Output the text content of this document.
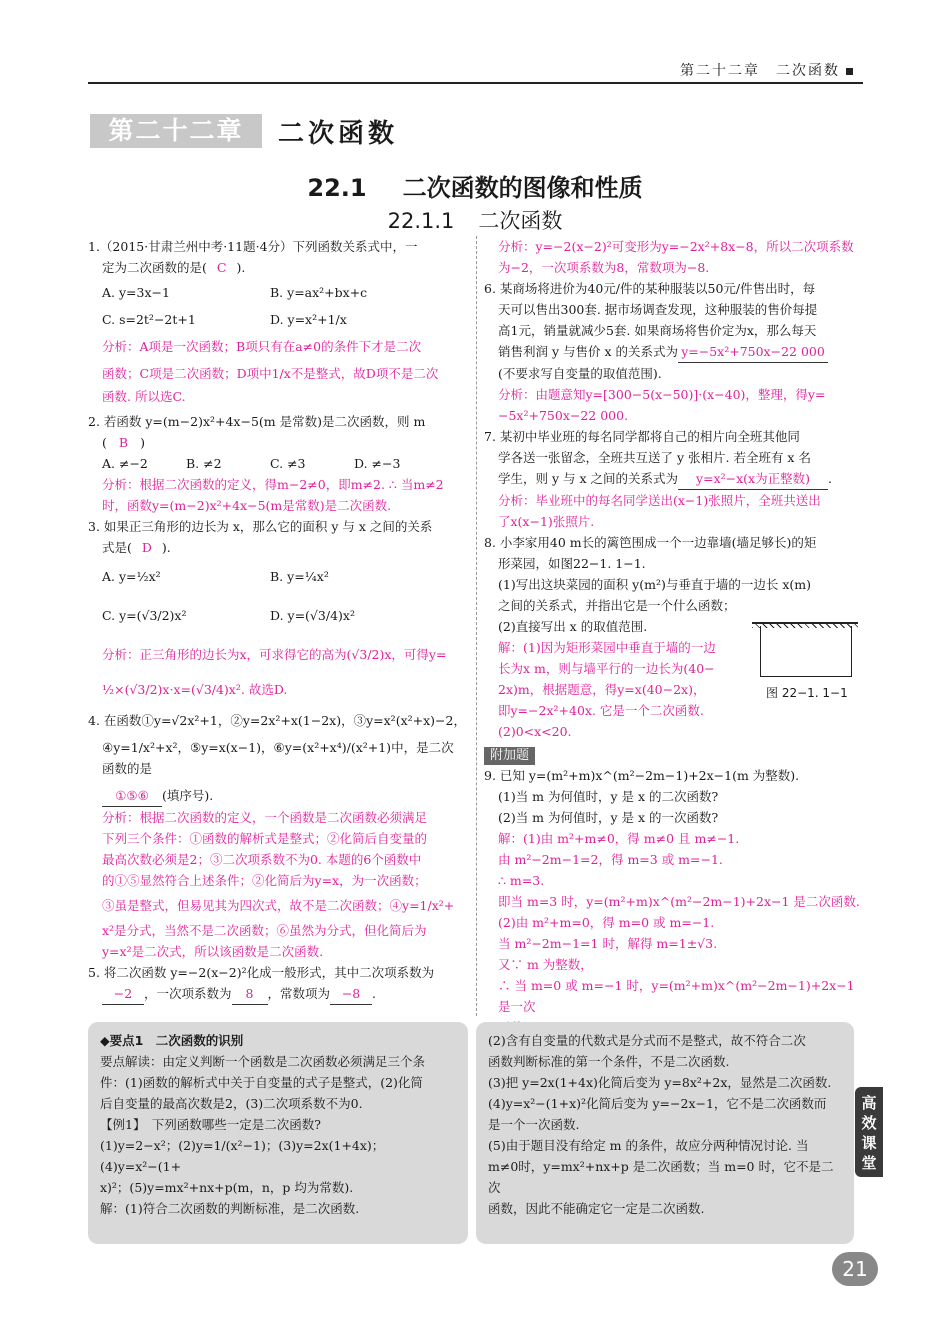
第二十二章　 二次函数
第二十二章	二次函数
22.1 二次函数的图像和性质
22.1.1 二次函数

1.（2015·甘肃兰州中考·11题·4分）下列函数关系式中，一

定为二次函数的是( C ).

A. y=3x−1	B. y=ax²+bx+c
C. s=2t²−2t+1	D. y=x²+1/x

分析：A项是一次函数；B项只有在a≠0的条件下才是二次

函数；C项是二次函数；D项中1/x不是整式，故D项不是二次

函数. 所以选C.

2. 若函数 y=(m−2)x²+4x−5(m 是常数)是二次函数，则 m

( B )

A. ≠−2	B. ≠2	C. ≠3	D. ≠−3

分析：根据二次函数的定义，得m−2≠0，即m≠2. ∴ 当m≠2

时，函数y=(m−2)x²+4x−5(m是常数)是二次函数.

3. 如果正三角形的边长为 x，那么它的面积 y 与 x 之间的关系

式是( D ).

A. y=½x²	B. y=¼x²
C. y=(√3/2)x²	D. y=(√3/4)x²

分析：正三角形的边长为x，可求得它的高为(√3/2)x，可得y=

½×(√3/2)x·x=(√3/4)x². 故选D.

4. 在函数①y=√2x²+1，②y=2x²+x(1−2x)，③y=x²(x²+x)−2，

④y=1/x²+x²，⑤y=x(x−1)，⑥y=(x²+x⁴)/(x²+1)中，是二次函数的是

①⑤⑥ (填序号).

分析：根据二次函数的定义，一个函数是二次函数必须满足

下列三个条件：①函数的解析式是整式；②化简后自变量的

最高次数必须是2；③二次项系数不为0. 本题的6个函数中

的①⑤显然符合上述条件；②化简后为y=x，为一次函数；

③虽是整式，但易见其为四次式，故不是二次函数；④y=1/x²+

x²是分式，当然不是二次函数；⑥虽然为分式，但化简后为

y=x²是二次式，所以该函数是二次函数.

5. 将二次函数 y=−2(x−2)²化成一般形式，其中二次项系数为

−2 ，一次项系数为 8 ，常数项为 −8 .

分析：y=−2(x−2)²可变形为y=−2x²+8x−8，所以二次项系数

为−2，一次项系数为8，常数项为−8.

6. 某商场将进价为40元/件的某种服装以50元/件售出时，每

天可以售出300套. 据市场调查发现，这种服装的售价每提

高1元，销量就减少5套. 如果商场将售价定为x，那么每天

销售利润 y 与售价 x 的关系式为 y=−5x²+750x−22 000

(不要求写自变量的取值范围).

分析：由题意知y=[300−5(x−50)]·(x−40)，整理，得y=

−5x²+750x−22 000.

7. 某初中毕业班的每名同学都将自己的相片向全班其他同

学各送一张留念，全班共互送了 y 张相片. 若全班有 x 名

学生，则 y 与 x 之间的关系式为 y=x²−x(x为正整数) .

分析：毕业班中的每名同学送出(x−1)张照片，全班共送出

了x(x−1)张照片.

8. 小李家用40 m长的篱笆围成一个一边靠墙(墙足够长)的矩

形菜园，如图22−1. 1−1.

(1)写出这块菜园的面积 y(m²)与垂直于墙的一边长 x(m)

之间的关系式，并指出它是一个什么函数；

(2)直接写出 x 的取值范围.

解：(1)因为矩形菜园中垂直于墙的一边

长为x m，则与墙平行的一边长为(40−

2x)m，根据题意，得y=x(40−2x)，

即y=−2x²+40x. 它是一个二次函数.

(2)0<x<20.

附加题

9. 已知 y=(m²+m)x^(m²−2m−1)+2x−1(m 为整数).

(1)当 m 为何值时，y 是 x 的二次函数?

(2)当 m 为何值时，y 是 x 的一次函数?

解：(1)由 m²+m≠0，得 m≠0 且 m≠−1.

由 m²−2m−1=2，得 m=3 或 m=−1.

∴ m=3.

即当 m=3 时，y=(m²+m)x^(m²−2m−1)+2x−1 是二次函数.

(2)由 m²+m=0，得 m=0 或 m=−1.

当 m²−2m−1=1 时，解得 m=1±√3.

又∵ m 为整数，

∴ 当 m=0 或 m=−1 时，y=(m²+m)x^(m²−2m−1)+2x−1 是一次

图 22−1. 1−1

◆要点1　二次函数的识别

要点解读：由定义判断一个函数是二次函数必须满足三个条

件：(1)函数的解析式中关于自变量的式子是整式，(2)化简

后自变量的最高次数是2，(3)二次项系数不为0.

【例1】　下列函数哪些一定是二次函数?

(1)y=2−x²；(2)y=1/(x²−1)；(3)y=2x(1+4x)；(4)y=x²−(1+

x)²；(5)y=mx²+nx+p(m，n，p 均为常数).

解：(1)符合二次函数的判断标准，是二次函数.

(2)含有自变量的代数式是分式而不是整式，故不符合二次

函数判断标准的第一个条件，不是二次函数.

(3)把 y=2x(1+4x)化简后变为 y=8x²+2x，显然是二次函数.

(4)y=x²−(1+x)²化简后变为 y=−2x−1，它不是二次函数而

是一个一次函数.

(5)由于题目没有给定 m 的条件，故应分两种情况讨论. 当

m≠0时，y=mx²+nx+p 是二次函数；当 m=0 时，它不是二次

函数，因此不能确定它一定是二次函数.

高效课堂
21
